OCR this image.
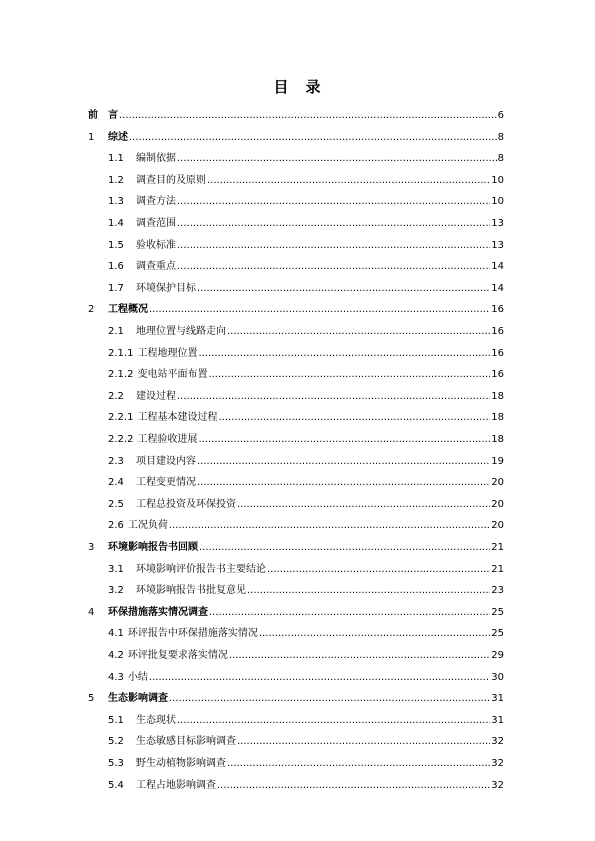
目　录
前　言 .....	6
1	综述 .....	8
1.1	编制依据 .....	8
1.2	调查目的及原则 .....	10
1.3	调查方法 .....	10
1.4	调查范围 .....	13
1.5	验收标准 .....	13
1.6	调查重点 .....	14
1.7	环境保护目标 .....	14
2	工程概况 .....	16
2.1	地理位置与线路走向 .....	16
2.1.1 工程地理位置 .....	16
2.1.2 变电站平面布置 .....	16
2.2	建设过程 .....	18
2.2.1 工程基本建设过程 .....	18
2.2.2 工程验收进展 .....	18
2.3	项目建设内容 .....	19
2.4	工程变更情况 .....	20
2.5	工程总投资及环保投资 .....	20
2.6 工况负荷 .....	20
3	环境影响报告书回顾 .....	21
3.1	环境影响评价报告书主要结论 .....	21
3.2	环境影响报告书批复意见 .....	23
4	环保措施落实情况调查 .....	25
4.1 环评报告中环保措施落实情况 .....	25
4.2 环评批复要求落实情况 .....	29
4.3 小结 .....	30
5	生态影响调查 .....	31
5.1	生态现状 .....	31
5.2	生态敏感目标影响调查 .....	32
5.3	野生动植物影响调查 .....	32
5.4	工程占地影响调查 .....	32
